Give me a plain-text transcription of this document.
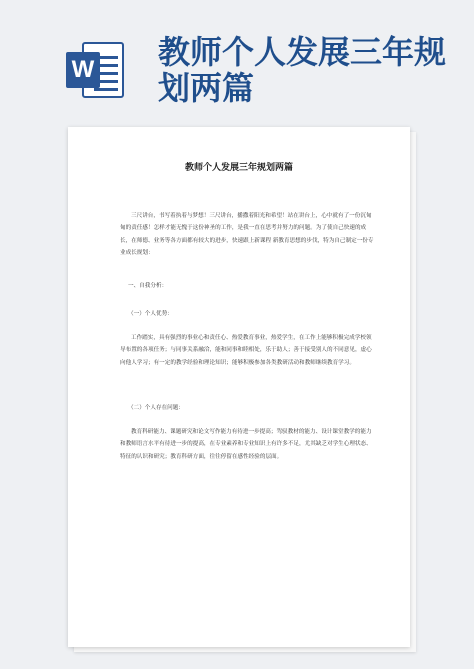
W 教师个人发展三年规划两篇
教师个人发展三年规划两篇

三尺讲台，书写着执着与梦想！三尺讲台，播撒着阳光和希望！站在讲台上，心中就有了一份沉甸甸的责任感！怎样才能无愧于这份神圣的工作，是我一直在思考并努力的问题。为了使自己快速的成长，在师德、业务等各方面都有较大的进步，快速跟上新课程 新教育思想的步伐，特为自己制定一份专业成长规划：

一、自我分析：

（一）个人优势：

工作踏实，具有强烈的事业心和责任心、热爱教育事业，热爱学生，在工作上能够积极完成学校领导布置的各项任务；与同事关系融洽，能和同事和睦相处，乐于助人；善于接受别人的不同意见，虚心向他人学习；有一定的教学经验和理论知识；能够积极参加各类教研活动和教师继续教育学习。

（二）个人存在问题：

教育科研能力、课题研究和论文写作能力有待进一步提高；驾驭教材的能力、设计课堂教学的能力和教师语言水平有待进一步的提高，在专业素养和专业知识上有许多不足，尤其缺乏对学生心理状态、特征的认识和研究；教育科研方面，往往停留在感性经验的层面。
